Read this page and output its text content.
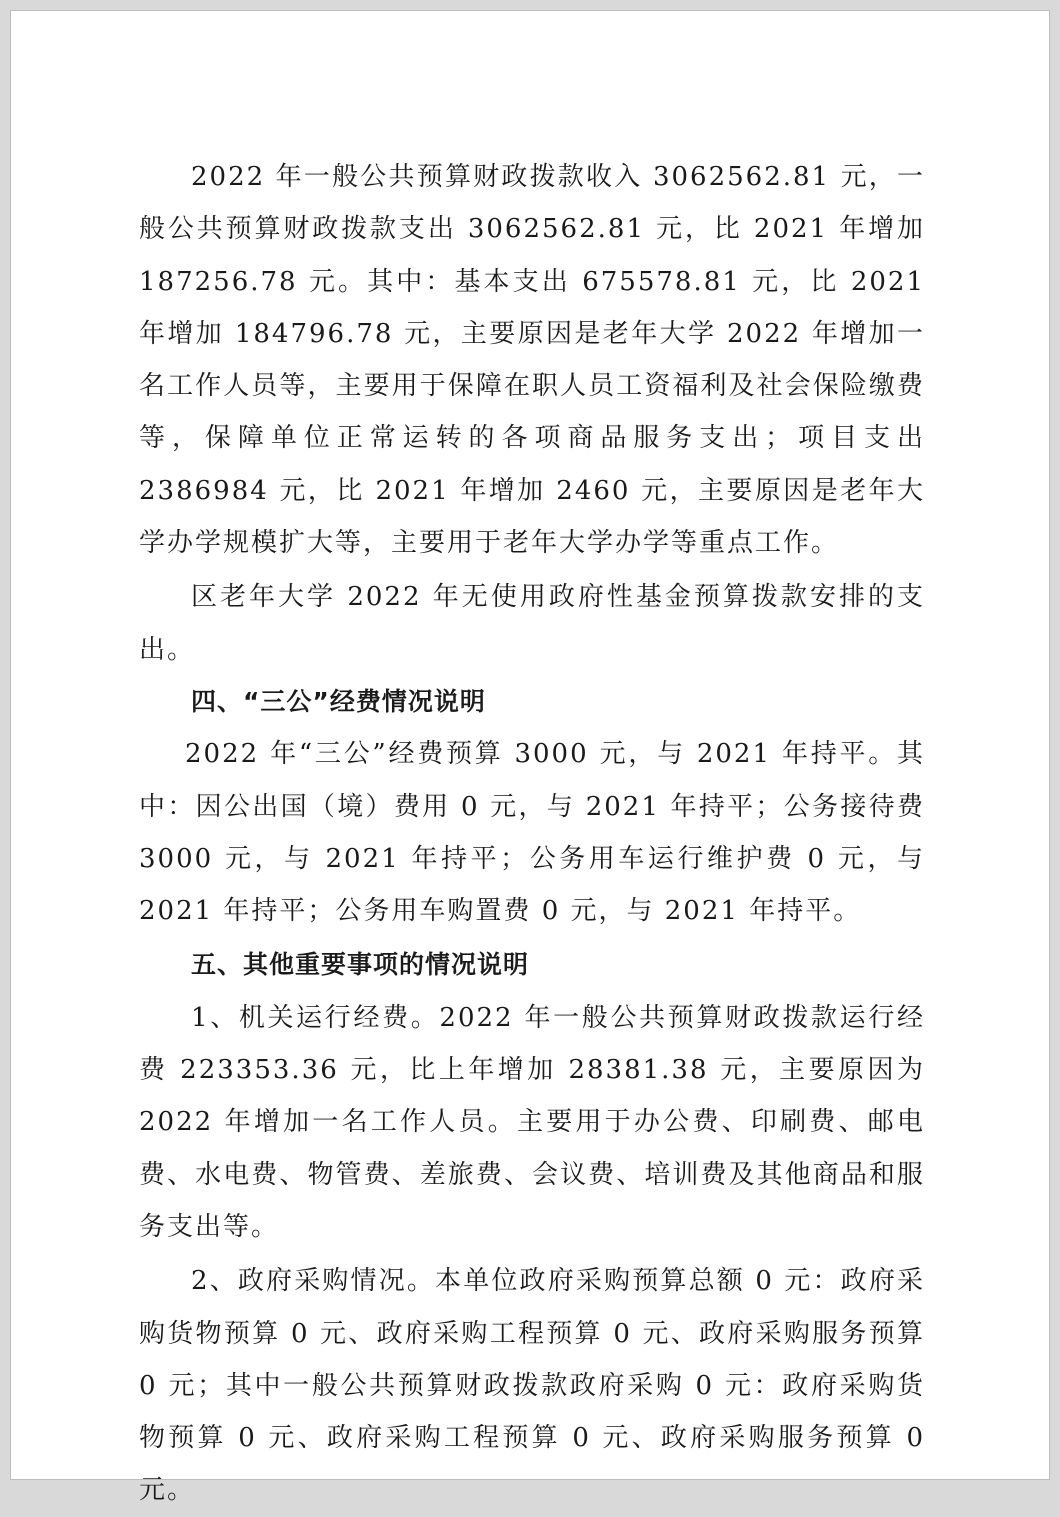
2022 年一般公共预算财政拨款收入 3062562.81 元，一般公共预算财政拨款支出 3062562.81 元，比 2021 年增加 187256.78 元。其中：基本支出 675578.81 元，比 2021 年增加 184796.78 元，主要原因是老年大学 2022 年增加一名工作人员等，主要用于保障在职人员工资福利及社会保险缴费等，保障单位正常运转的各项商品服务支出；项目支出 2386984 元，比 2021 年增加 2460 元，主要原因是老年大学办学规模扩大等，主要用于老年大学办学等重点工作。

区老年大学 2022 年无使用政府性基金预算拨款安排的支出。

四、“三公”经费情况说明

2022 年“三公”经费预算 3000 元，与 2021 年持平。其中：因公出国（境）费用 0 元，与 2021 年持平；公务接待费 3000 元，与 2021 年持平；公务用车运行维护费 0 元，与 2021 年持平；公务用车购置费 0 元，与 2021 年持平。

五、其他重要事项的情况说明

1、机关运行经费。2022 年一般公共预算财政拨款运行经费 223353.36 元，比上年增加 28381.38 元，主要原因为 2022 年增加一名工作人员。主要用于办公费、印刷费、邮电费、水电费、物管费、差旅费、会议费、培训费及其他商品和服务支出等。

2、政府采购情况。本单位政府采购预算总额 0 元：政府采购货物预算 0 元、政府采购工程预算 0 元、政府采购服务预算 0 元；其中一般公共预算财政拨款政府采购 0 元：政府采购货物预算 0 元、政府采购工程预算 0 元、政府采购服务预算 0 元。
